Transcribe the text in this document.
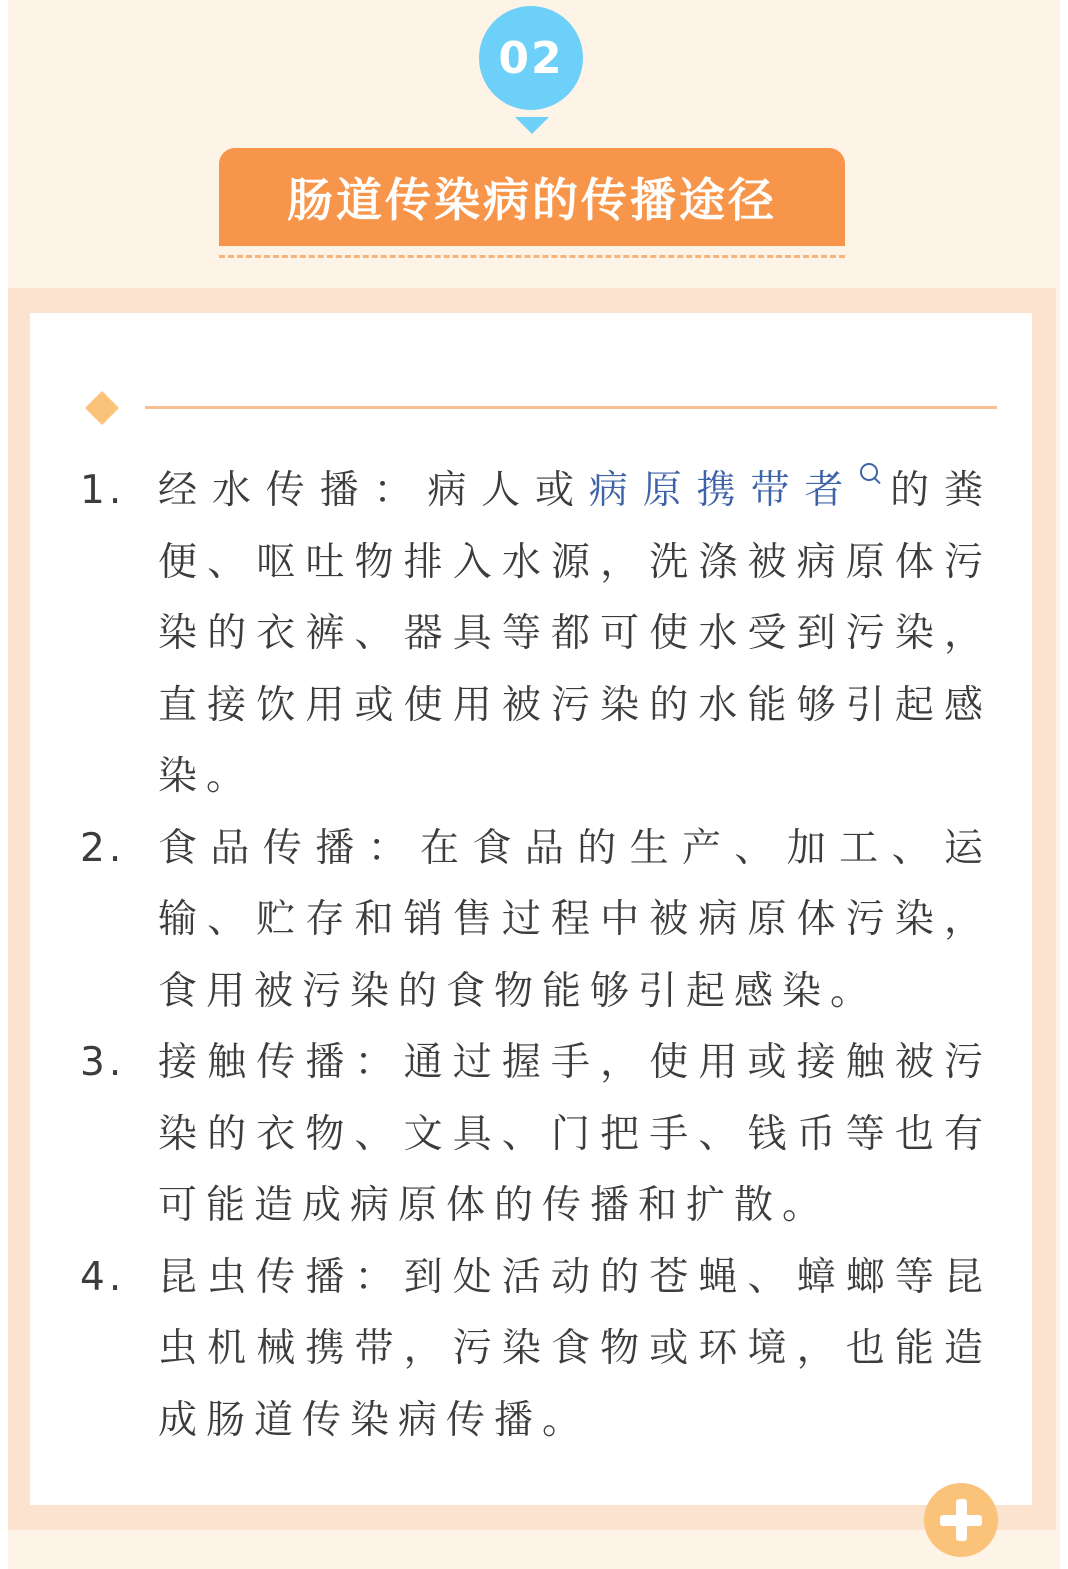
02
肠道传染病的传播途径
1. 经水传播：病人或病原携带者 的粪便、呕吐物排入水源，洗涤被病原体污染的衣裤、器具等都可使水受到污染，直接饮用或使用被污染的水能够引起感染。
2. 食品传播：在食品的生产、加工、运输、贮存和销售过程中被病原体污染，食用被污染的食物能够引起感染。
3. 接触传播：通过握手，使用或接触被污染的衣物、文具、门把手、钱币等也有可能造成病原体的传播和扩散。
4. 昆虫传播：到处活动的苍蝇、蟑螂等昆虫机械携带，污染食物或环境，也能造成肠道传染病传播。
